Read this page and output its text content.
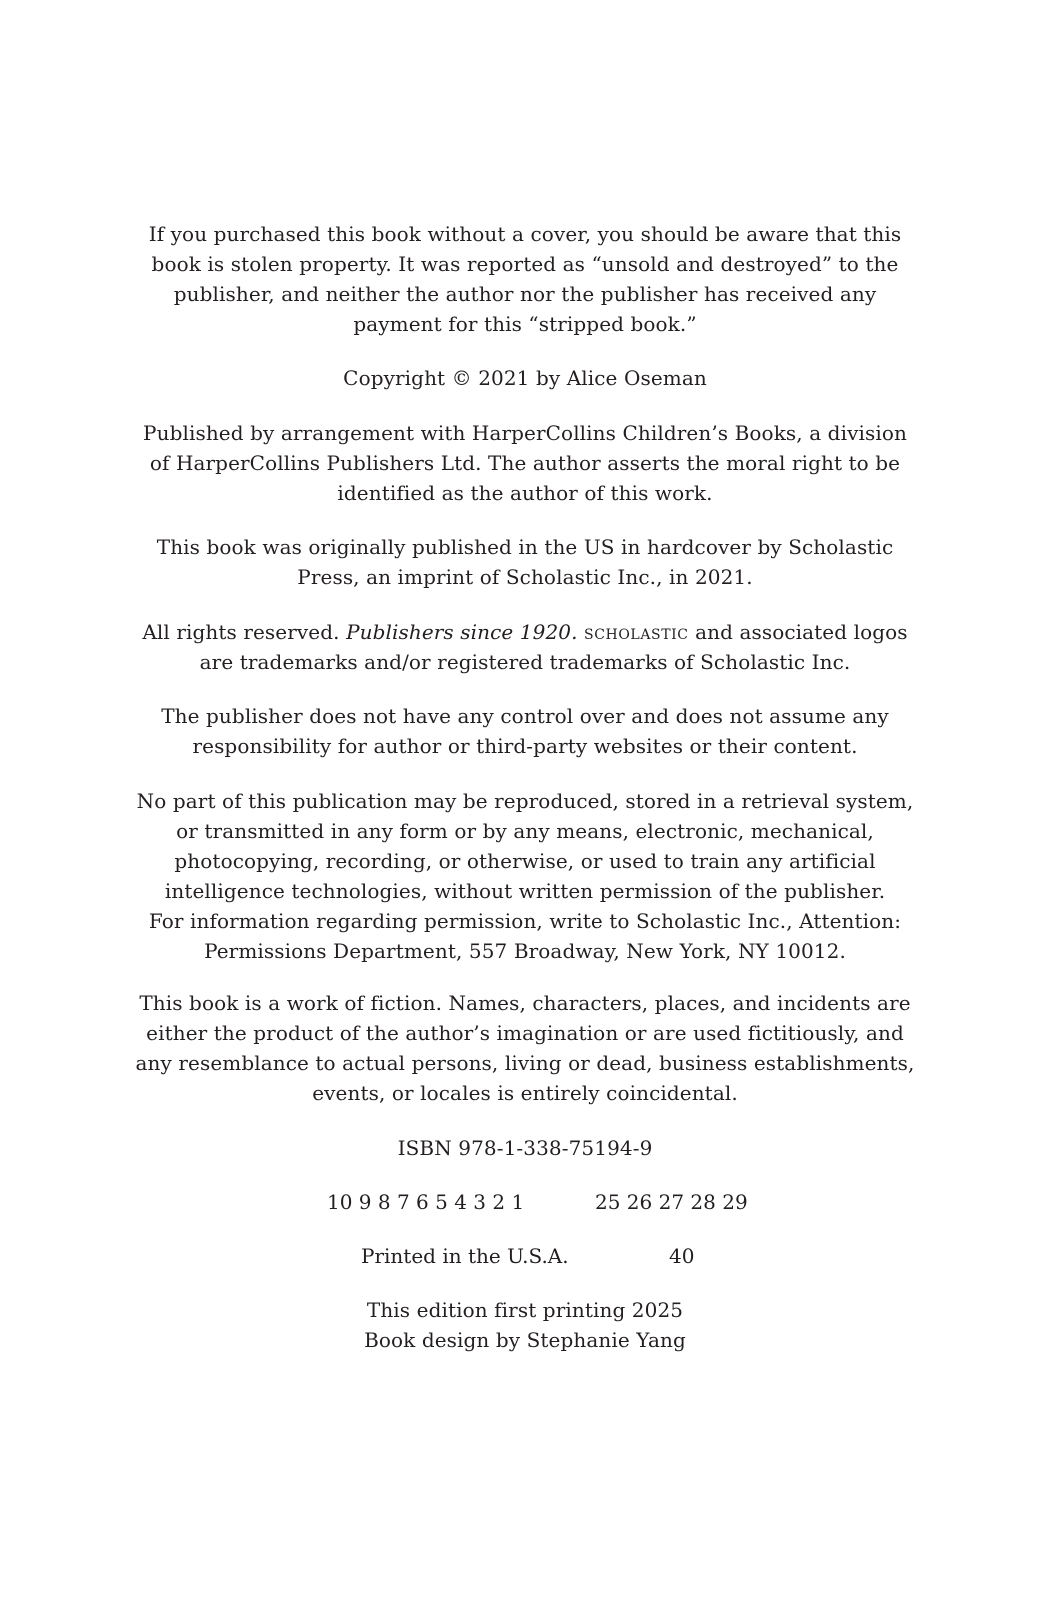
If you purchased this book without a cover, you should be aware that this
book is stolen property. It was reported as “unsold and destroyed” to the
publisher, and neither the author nor the publisher has received any
payment for this “stripped book.”
Copyright © 2021 by Alice Oseman
Published by arrangement with HarperCollins Children’s Books, a division
of HarperCollins Publishers Ltd. The author asserts the moral right to be
identified as the author of this work.
This book was originally published in the US in hardcover by Scholastic
Press, an imprint of Scholastic Inc., in 2021.
All rights reserved. Publishers since 1920. scholastic and associated logos
are trademarks and/or registered trademarks of Scholastic Inc.
The publisher does not have any control over and does not assume any
responsibility for author or third-party websites or their content.
No part of this publication may be reproduced, stored in a retrieval system,
or transmitted in any form or by any means, electronic, mechanical,
photocopying, recording, or otherwise, or used to train any artificial
intelligence technologies, without written permission of the publisher.
For information regarding permission, write to Scholastic Inc., Attention:
Permissions Department, 557 Broadway, New York, NY 10012.
This book is a work of fiction. Names, characters, places, and incidents are
either the product of the author’s imagination or are used fictitiously, and
any resemblance to actual persons, living or dead, business establishments,
events, or locales is entirely coincidental.
ISBN 978-1-338-75194-9
10 9 8 7 6 5 4 3 2 1	25 26 27 28 29
Printed in the U.S.A.	40
This edition first printing 2025
Book design by Stephanie Yang
